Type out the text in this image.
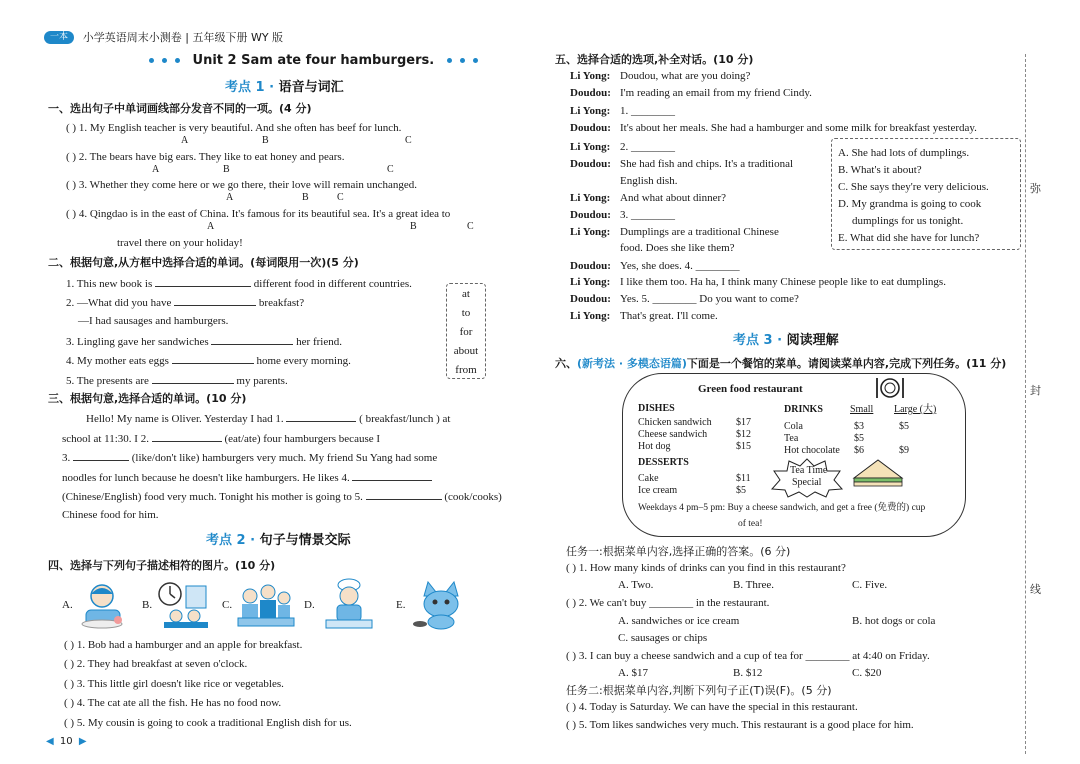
一本 小学英语周末小测卷 | 五年级下册 WY 版
Unit 2 Sam ate four hamburgers.
考点 1 · 语音与词汇
一、选出句子中单词画线部分发音不同的一项。(4 分)
( ) 1. My English teacher is very beautiful. And she often has beef for lunch.
A	B	C
( ) 2. The bears have big ears. They like to eat honey and pears.
A	B	C
( ) 3. Whether they come here or we go there, their love will remain unchanged.
A	B	C
( ) 4. Qingdao is in the east of China. It's famous for its beautiful sea. It's a great idea to
A	B	C
travel there on your holiday!
二、根据句意,从方框中选择合适的单词。(每词限用一次)(5 分)
1. This new book is	different food in different countries.
2. —What did you have	breakfast?
—I had sausages and hamburgers.
3. Lingling gave her sandwiches	her friend.
4. My mother eats eggs	home every morning.
5. The presents are	my parents.
at
to
for
about
from
三、根据句意,选择合适的单词。(10 分)
Hello! My name is Oliver. Yesterday I had 1.	( breakfast/lunch ) at
school at 11:30. I 2.	(eat/ate) four hamburgers because I
3.	(like/don't like) hamburgers very much. My friend Su Yang had some
noodles for lunch because he doesn't like hamburgers. He likes 4.
(Chinese/English) food very much. Tonight his mother is going to 5.	(cook/cooks)
Chinese food for him.
考点 2 · 句子与情景交际
四、选择与下列句子描述相符的图片。(10 分)
A.	B.	C.	D.	E.
( ) 1. Bob had a hamburger and an apple for breakfast.
( ) 2. They had breakfast at seven o'clock.
( ) 3. This little girl doesn't like rice or vegetables.
( ) 4. The cat ate all the fish. He has no food now.
( ) 5. My cousin is going to cook a traditional English dish for us.
◀ 10 ▶
五、选择合适的选项,补全对话。(10 分)
Li Yong: Doudou, what are you doing?
Doudou: I'm reading an email from my friend Cindy.
Li Yong: 1. ________
Doudou: It's about her meals. She had a hamburger and some milk for breakfast yesterday.
Li Yong: 2. ________
Doudou: She had fish and chips. It's a traditional
English dish.
Li Yong: And what about dinner?
Doudou: 3. ________
Li Yong: Dumplings are a traditional Chinese
food. Does she like them?
Doudou: Yes, she does. 4. ________
Li Yong: I like them too. Ha ha, I think many Chinese people like to eat dumplings.
Doudou: Yes. 5. ________ Do you want to come?
Li Yong: That's great. I'll come.
A. She had lots of dumplings.
B. What's it about?
C. She says they're very delicious.
D. My grandma is going to cook
dumplings for us tonight.
E. What did she have for lunch?
考点 3 · 阅读理解
六、(新考法 · 多模态语篇)下面是一个餐馆的菜单。请阅读菜单内容,完成下列任务。(11 分)
Green food restaurant
DISHES
Chicken sandwich $17
Cheese sandwich	$12
Hot dog	$15
DESSERTS
Cake	$11
Ice cream	$5
DRINKS	Small Large (大)
Cola	$3	$5
Tea	$5
Hot chocolate $6	$9
Tea Time
Special
Weekdays 4 pm–5 pm: Buy a cheese sandwich, and get a free (免费的) cup
of tea!
任务一:根据菜单内容,选择正确的答案。(6 分)
( ) 1. How many kinds of drinks can you find in this restaurant?
A. Two.	B. Three.	C. Five.
( ) 2. We can't buy ________ in the restaurant.
A. sandwiches or ice cream	B. hot dogs or cola
C. sausages or chips
( ) 3. I can buy a cheese sandwich and a cup of tea for ________ at 4:40 on Friday.
A. $17	B. $12	C. $20
任务二:根据菜单内容,判断下列句子正(T)误(F)。(5 分)
( ) 4. Today is Saturday. We can have the special in this restaurant.
( ) 5. Tom likes sandwiches very much. This restaurant is a good place for him.
弥
封
线
